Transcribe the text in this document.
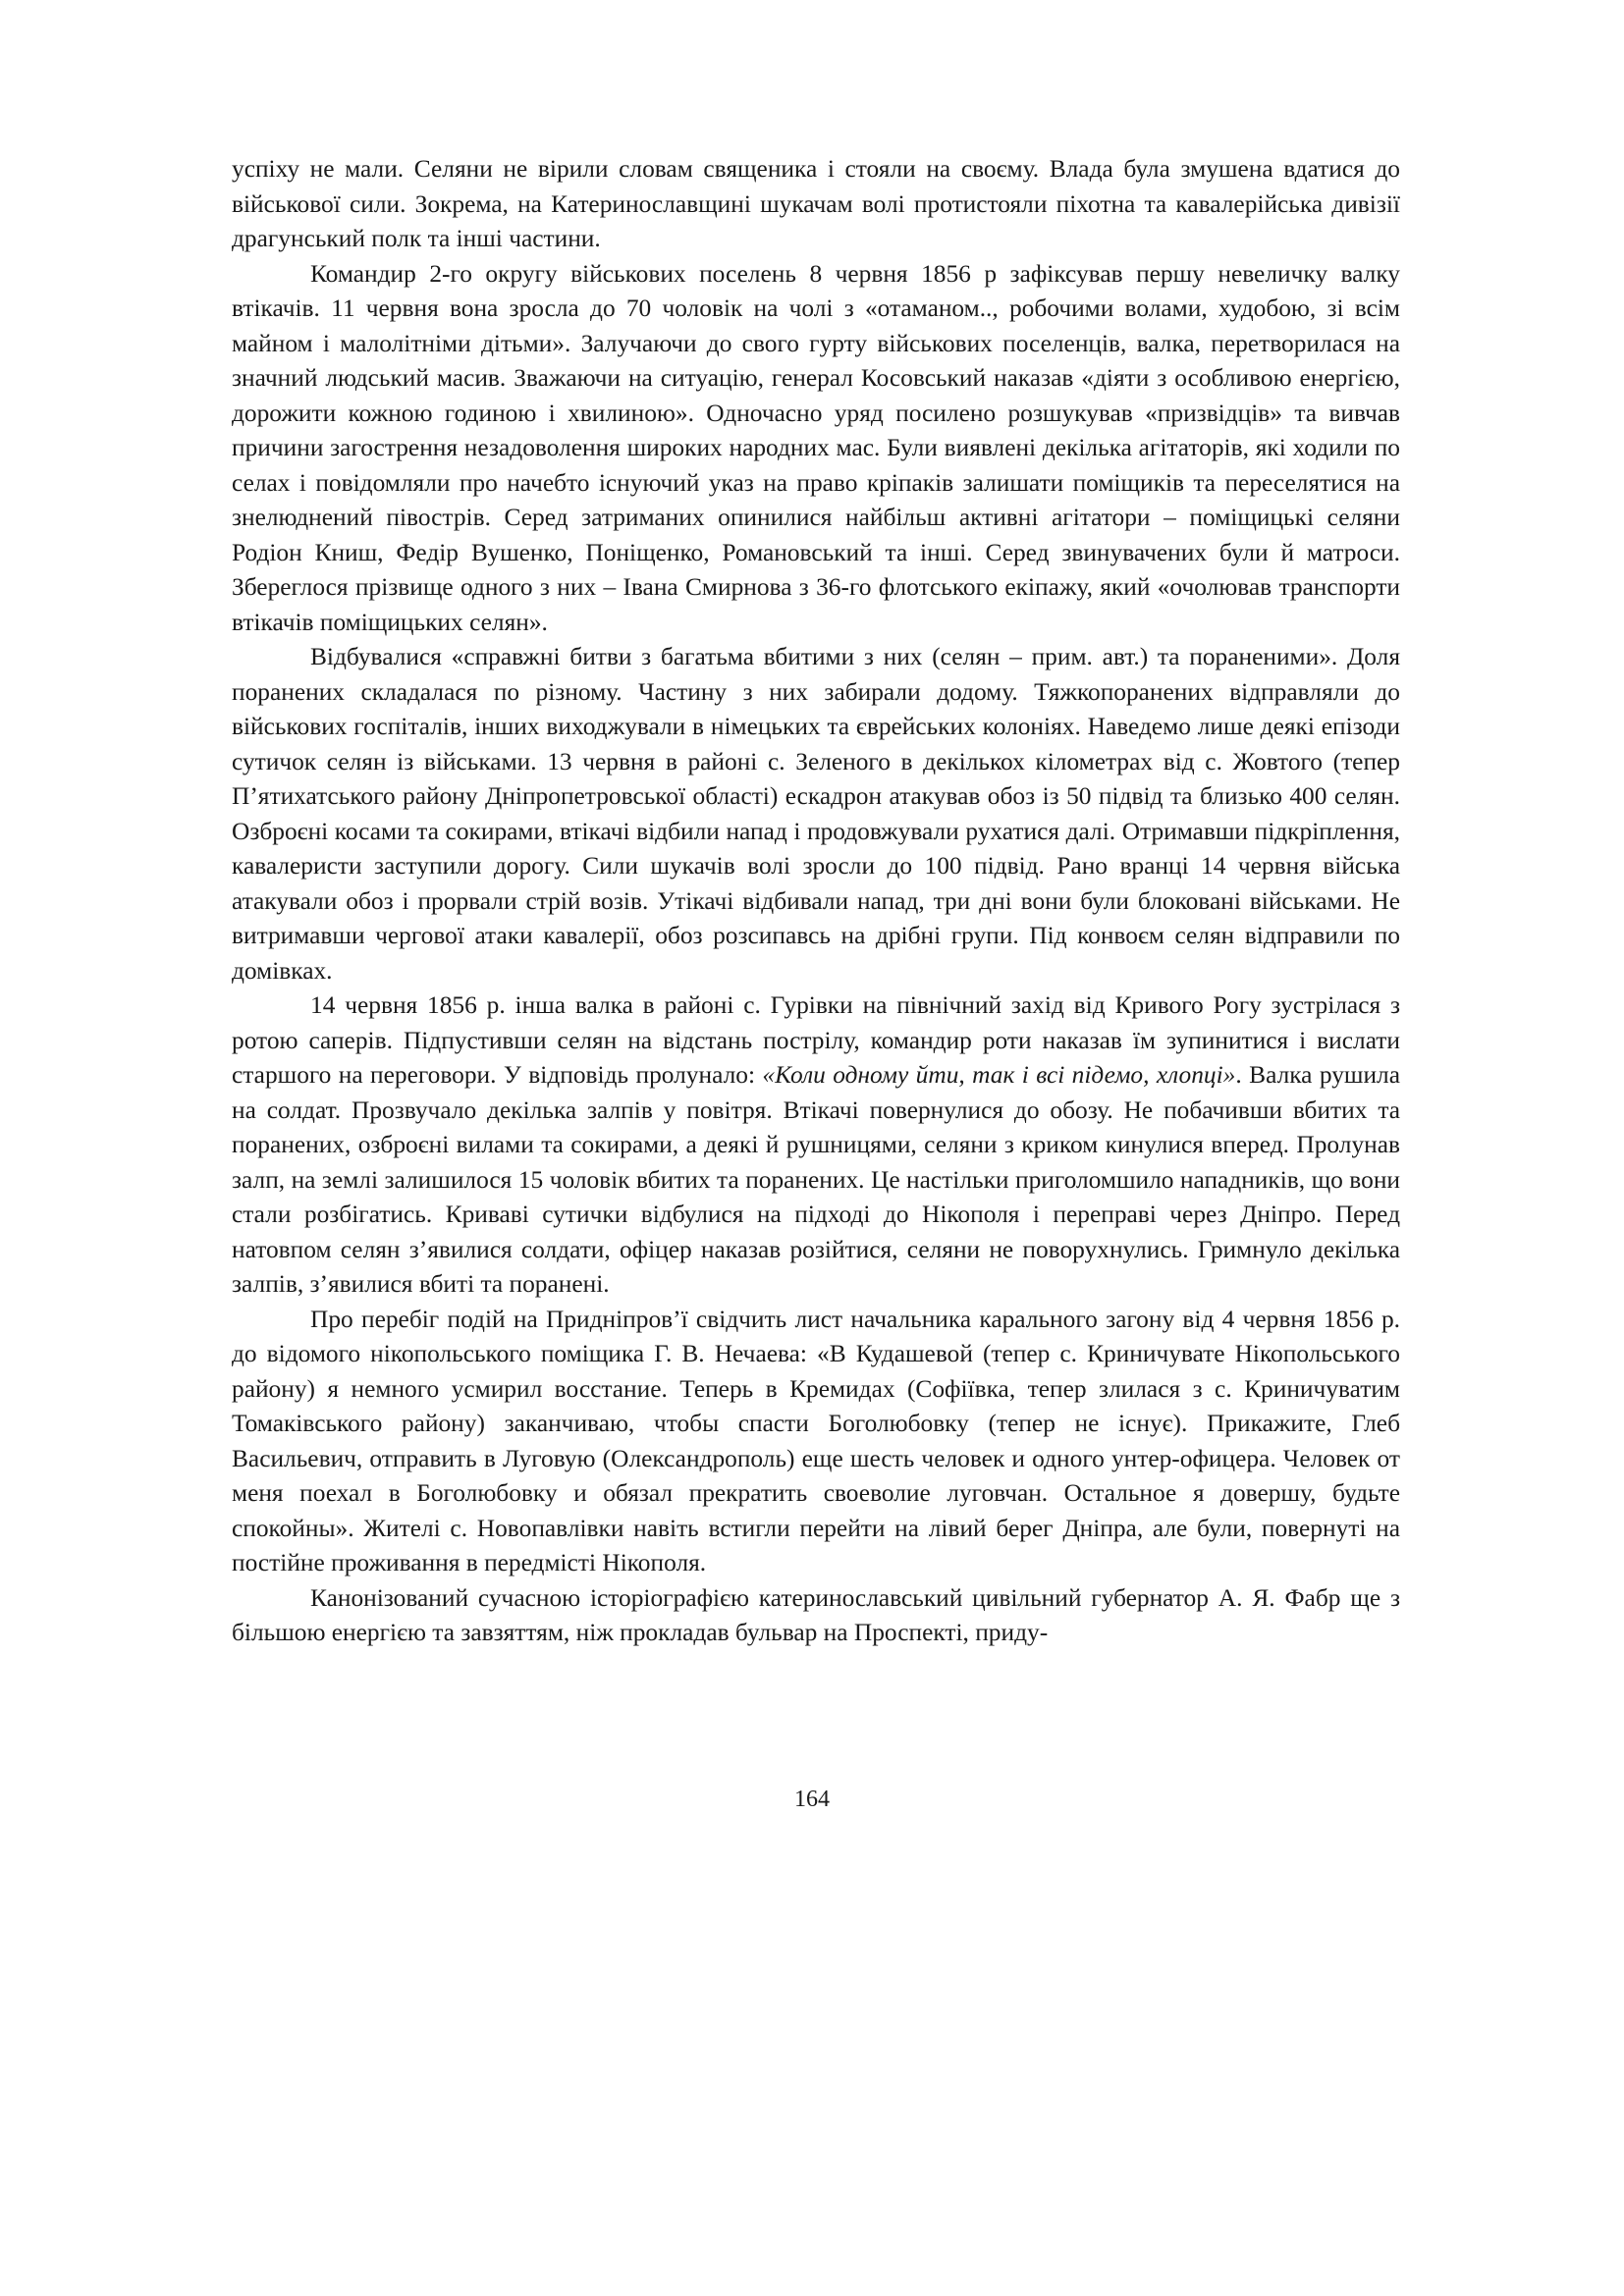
успіху не мали. Селяни не вірили словам священика і стояли на своєму. Влада була змушена вдатися до військової сили. Зокрема, на Катеринославщині шукачам волі протистояли піхотна та кавалерійська дивізії драгунський полк та інші частини.

Командир 2-го округу військових поселень 8 червня 1856 р зафіксував першу невеличку валку втікачів. 11 червня вона зросла до 70 чоловік на чолі з «отаманом.., робочими волами, худобою, зі всім майном і малолітніми дітьми». Залучаючи до свого гурту військових поселенців, валка, перетворилася на значний людський масив. Зважаючи на ситуацію, генерал Косовський наказав «діяти з особливою енергією, дорожити кожною годиною і хвилиною». Одночасно уряд посилено розшукував «призвідців» та вивчав причини загострення незадоволення широких народних мас. Були виявлені декілька агітаторів, які ходили по селах і повідомляли про начебто існуючий указ на право кріпаків залишати поміщиків та переселятися на знелюднений півострів. Серед затриманих опинилися найбільш активні агітатори – поміщицькі селяни Родіон Книш, Федір Вушенко, Поніщенко, Романовський та інші. Серед звинувачених були й матроси. Збереглося прізвище одного з них – Івана Смирнова з 36-го флотського екіпажу, який «очолював транспорти втікачів поміщицьких селян».

Відбувалися «справжні битви з багатьма вбитими з них (селян – прим. авт.) та пораненими». Доля поранених складалася по різному. Частину з них забирали додому. Тяжкопоранених відправляли до військових госпіталів, інших виходжували в німецьких та єврейських колоніях. Наведемо лише деякі епізоди сутичок селян із військами. 13 червня в районі с. Зеленого в декількох кілометрах від с. Жовтого (тепер П’ятихатського району Дніпропетровської області) ескадрон атакував обоз із 50 підвід та близько 400 селян. Озброєні косами та сокирами, втікачі відбили напад і продовжували рухатися далі. Отримавши підкріплення, кавалеристи заступили дорогу. Сили шукачів волі зросли до 100 підвід. Рано вранці 14 червня війська атакували обоз і прорвали стрій возів. Утікачі відбивали напад, три дні вони були блоковані військами. Не витримавши чергової атаки кавалерії, обоз розсипавсь на дрібні групи. Під конвоєм селян відправили по домівках.

14 червня 1856 р. інша валка в районі с. Гурівки на північний захід від Кривого Рогу зустрілася з ротою саперів. Підпустивши селян на відстань пострілу, командир роти наказав їм зупинитися і вислати старшого на переговори. У відповідь пролунало: «Коли одному йти, так і всі підемо, хлопці». Валка рушила на солдат. Прозвучало декілька залпів у повітря. Втікачі повернулися до обозу. Не побачивши вбитих та поранених, озброєні вилами та сокирами, а деякі й рушницями, селяни з криком кинулися вперед. Пролунав залп, на землі залишилося 15 чоловік вбитих та поранених. Це настільки приголомшило нападників, що вони стали розбігатись. Криваві сутички відбулися на підході до Нікополя і переправі через Дніпро. Перед натовпом селян з’явилися солдати, офіцер наказав розійтися, селяни не поворухнулись. Гримнуло декілька залпів, з’явилися вбиті та поранені.

Про перебіг подій на Придніпров’ї свідчить лист начальника карального загону від 4 червня 1856 р. до відомого нікопольського поміщика Г. В. Нечаева: «В Кудашевой (тепер с. Криничувате Нікопольського району) я немного усмирил восстание. Теперь в Кремидах (Софіївка, тепер злилася з с. Криничуватим Томаківського району) заканчиваю, чтобы спасти Боголюбовку (тепер не існує). Прикажите, Глеб Васильевич, отправить в Луговую (Олександрополь) еще шесть человек и одного унтер-офицера. Человек от меня поехал в Боголюбовку и обязал прекратить своеволие луговчан. Остальное я довершу, будьте спокойны». Жителі с. Новопавлівки навіть встигли перейти на лівий берег Дніпра, але були, повернуті на постійне проживання в передмісті Нікополя.

Канонізований сучасною історіографією катеринославський цивільний губернатор А. Я. Фабр ще з більшою енергією та завзяттям, ніж прокладав бульвар на Проспекті, приду-

164
